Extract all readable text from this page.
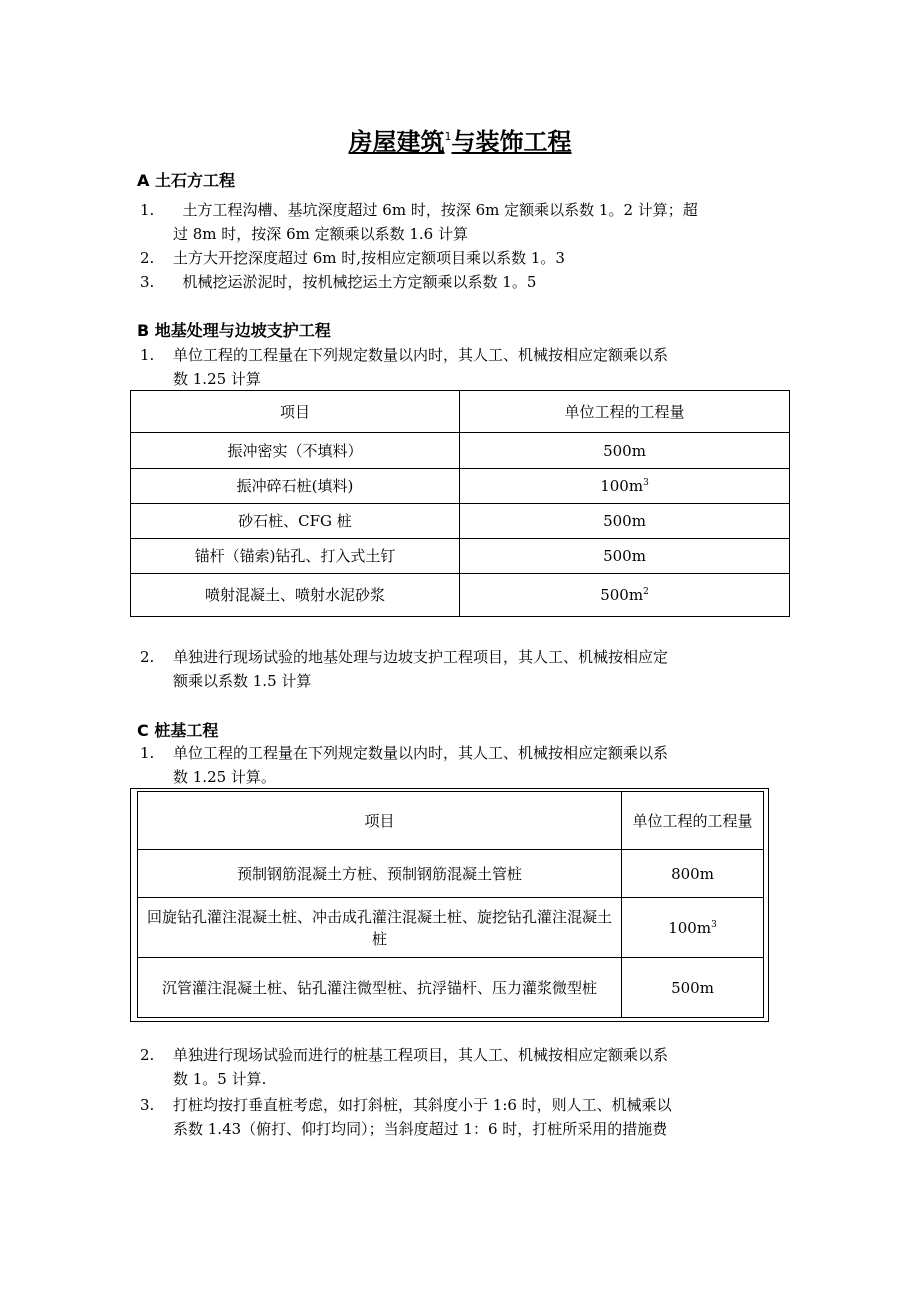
房屋建筑$^1$与装饰工程
A 土石方工程
1. 土方工程沟槽、基坑深度超过 6m 时，按深 6m 定额乘以系数 1。2 计算；超
过 8m 时，按深 6m 定额乘以系数 1.6 计算
2. 土方大开挖深度超过 6m 时,按相应定额项目乘以系数 1。3
3. 机械挖运淤泥时，按机械挖运土方定额乘以系数 1。5
B 地基处理与边坡支护工程
1. 单位工程的工程量在下列规定数量以内时，其人工、机械按相应定额乘以系
数 1.25 计算
项目	单位工程的工程量
振冲密实（不填料）	500m
振冲碎石桩(填料)	$100m^3$
砂石桩、CFG 桩	500m
锚杆（锚索)钻孔、打入式土钉	500m
喷射混凝土、喷射水泥砂浆	$500m^2$
2. 单独进行现场试验的地基处理与边坡支护工程项目，其人工、机械按相应定
额乘以系数 1.5 计算
C 桩基工程
1. 单位工程的工程量在下列规定数量以内时，其人工、机械按相应定额乘以系
数 1.25 计算。
项目	单位工程的工程量
预制钢筋混凝土方桩、预制钢筋混凝土管桩	800m
回旋钻孔灌注混凝土桩、冲击成孔灌注混凝土桩、旋挖钻孔灌注混凝土桩	$100m^3$
沉管灌注混凝土桩、钻孔灌注微型桩、抗浮锚杆、压力灌浆微型桩	500m
2. 单独进行现场试验而进行的桩基工程项目，其人工、机械按相应定额乘以系
数 1。5 计算.
3. 打桩均按打垂直桩考虑，如打斜桩，其斜度小于 1:6 时，则人工、机械乘以
系数 1.43（俯打、仰打均同）；当斜度超过 1：6 时，打桩所采用的措施费
